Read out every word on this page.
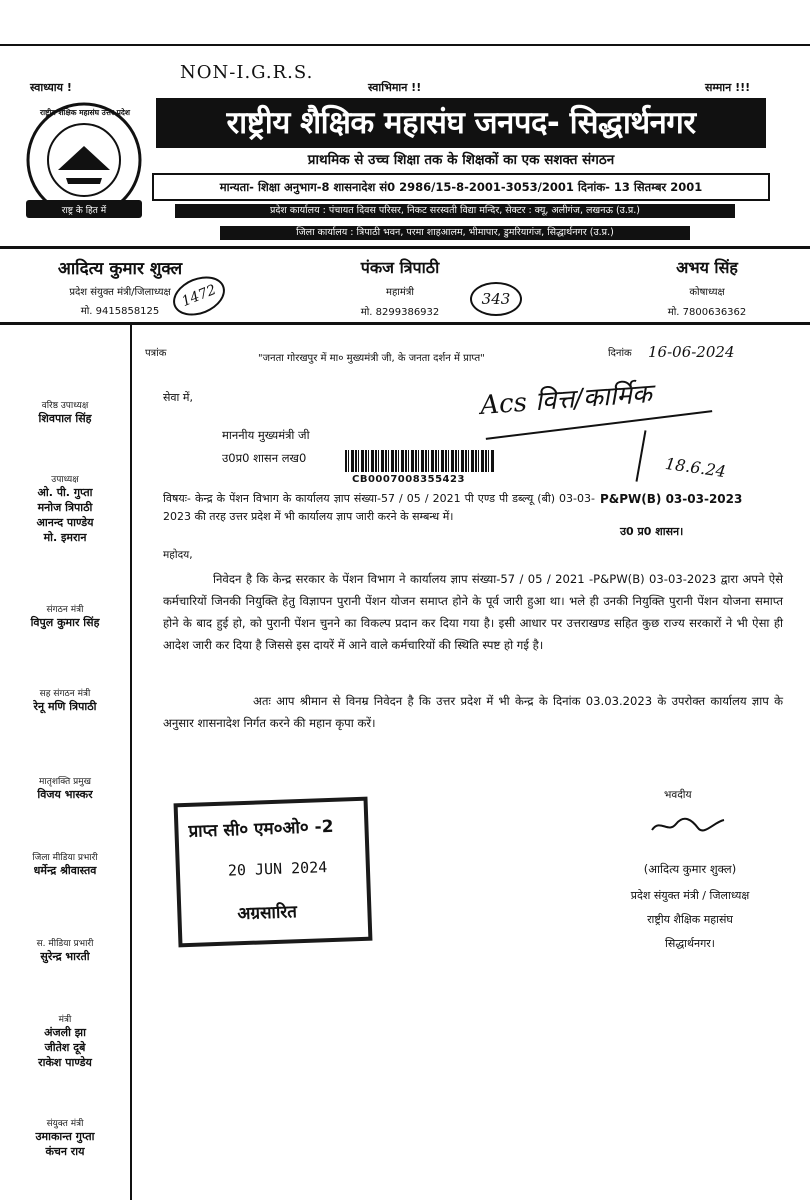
स्वाध्याय !
NON-I.G.R.S.
स्वाभिमान !!	सम्मान !!!
राष्ट्रीय शैक्षिक महासंघ उत्तर प्रदेश
राष्ट्र के हित में
राष्ट्रीय शैक्षिक महासंघ जनपद- सिद्धार्थनगर
प्राथमिक से उच्च शिक्षा तक के शिक्षकों का एक सशक्त संगठन
मान्यता- शिक्षा अनुभाग-8 शासनादेश सं0 2986/15-8-2001-3053/2001 दिनांक- 13 सितम्बर 2001
प्रदेश कार्यालय : पंचायत दिवस परिसर, निकट सरस्वती विद्या मन्दिर, सेक्टर : क्यू, अलीगंज, लखनऊ (उ.प्र.)
जिला कार्यालय : त्रिपाठी भवन, परमा शाहआलम, भीमापार, डुमरियागंज, सिद्धार्थनगर (उ.प्र.)
आदित्य कुमार शुक्ल
प्रदेश संयुक्त मंत्री/जिलाध्यक्ष
मो. 9415858125
पंकज त्रिपाठी
महामंत्री
मो. 8299386932
अभय सिंह
कोषाध्यक्ष
मो. 7800636362
1472	343
वरिष्ठ उपाध्यक्ष
शिवपाल सिंह
उपाध्यक्ष
ओ. पी. गुप्ता
मनोज त्रिपाठी
आनन्द पाण्डेय
मो. इमरान
संगठन मंत्री
विपुल कुमार सिंह
सह संगठन मंत्री
रेनू मणि त्रिपाठी
मातृशक्ति प्रमुख
विजय भास्कर
जिला मीडिया प्रभारी
धर्मेन्द्र श्रीवास्तव
स. मीडिया प्रभारी
सुरेन्द्र भारती
मंत्री
अंजली झा
जीतेश दूबे
राकेश पाण्डेय
संयुक्त मंत्री
उमाकान्त गुप्ता
कंचन राय
पत्रांक	"जनता गोरखपुर में मा० मुख्यमंत्री जी, के जनता दर्शन में प्राप्त"	दिनांक 16-06-2024
सेवा में,	Acs वित्त/कार्मिक
माननीय मुख्यमंत्री जी
उ0प्र0 शासन लख0
CB0007008355423	18.6.24
P&PW(B) 03-03-2023
उ0 प्र0 शासन।
विषयः- केन्द्र के पेंशन विभाग के कार्यालय ज्ञाप संख्या-57 / 05 / 2021 पी एण्ड पी डब्ल्यू (बी) 03-03-2023 की तरह उत्तर प्रदेश में भी कार्यालय ज्ञाप जारी करने के सम्बन्ध में।
महोदय,
निवेदन है कि केन्द्र सरकार के पेंशन विभाग ने कार्यालय ज्ञाप संख्या-57 / 05 / 2021 -P&PW(B) 03-03-2023 द्वारा अपने ऐसे कर्मचारियों जिनकी नियुक्ति हेतु विज्ञापन पुरानी पेंशन योजन समाप्त होने के पूर्व जारी हुआ था। भले ही उनकी नियुक्ति पुरानी पेंशन योजना समाप्त होने के बाद हुई हो, को पुरानी पेंशन चुनने का विकल्प प्रदान कर दिया गया है। इसी आधार पर उत्तराखण्ड सहित कुछ राज्य सरकारों ने भी ऐसा ही आदेश जारी कर दिया है जिससे इस दायरें में आने वाले कर्मचारियों की स्थिति स्पष्ट हो गई है।
अतः आप श्रीमान से विनम्र निवेदन है कि उत्तर प्रदेश में भी केन्द्र के दिनांक 03.03.2023 के उपरोक्त कार्यालय ज्ञाप के अनुसार शासनादेश निर्गत करने की महान कृपा करें।
भवदीय
(आदित्य कुमार शुक्ल)
प्रदेश संयुक्त मंत्री / जिलाध्यक्ष
राष्ट्रीय शैक्षिक महासंघ
सिद्धार्थनगर।
प्राप्त सी० एम०ओ० -2
20 JUN 2024
अग्रसारित
